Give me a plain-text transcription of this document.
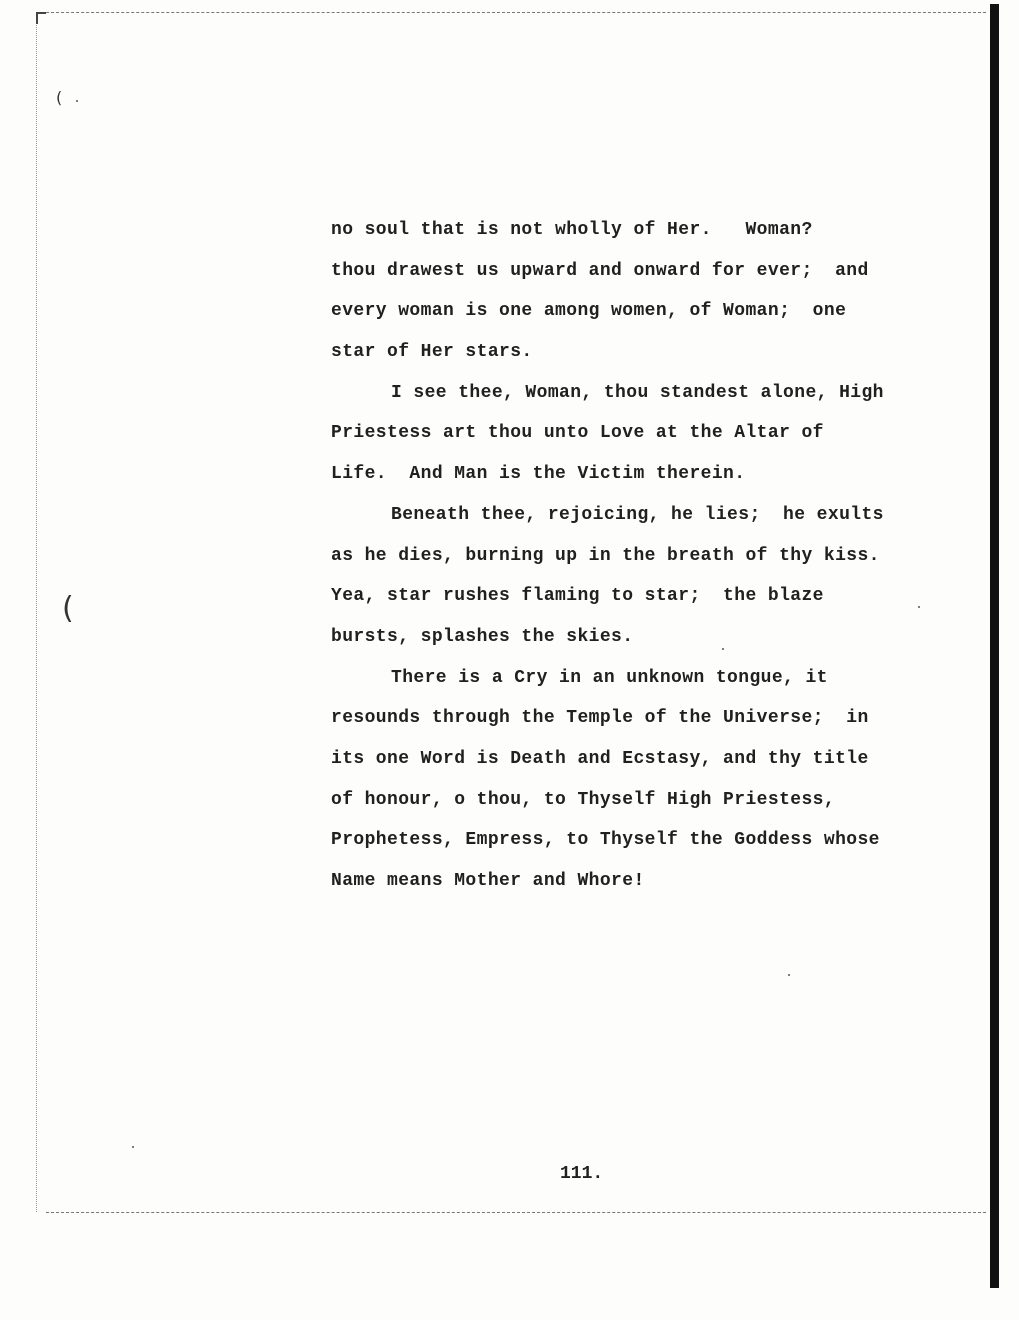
(
(
no soul that is not wholly of Her.   Woman?
thou drawest us upward and onward for ever;  and
every woman is one among women, of Woman;  one
star of Her stars.
I see thee, Woman, thou standest alone, High
Priestess art thou unto Love at the Altar of
Life.  And Man is the Victim therein.
Beneath thee, rejoicing, he lies;  he exults
as he dies, burning up in the breath of thy kiss.
Yea, star rushes flaming to star;  the blaze
bursts, splashes the skies.
There is a Cry in an unknown tongue, it
resounds through the Temple of the Universe;  in
its one Word is Death and Ecstasy, and thy title
of honour, o thou, to Thyself High Priestess,
Prophetess, Empress, to Thyself the Goddess whose
Name means Mother and Whore!
111.
